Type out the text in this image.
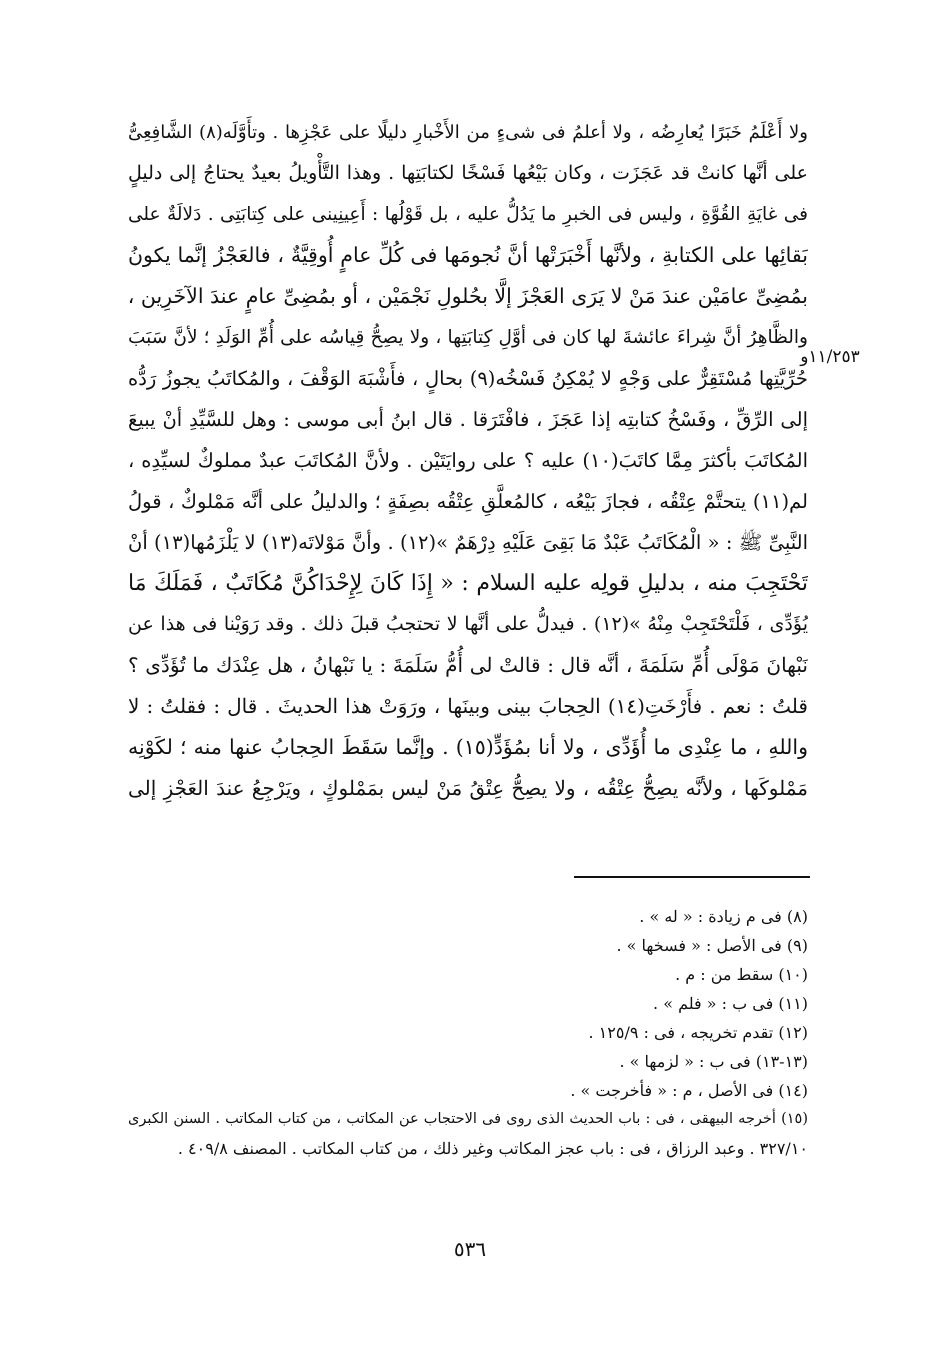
١١/٢٥٣و
ولا أَعْلَمُ خَبَرًا يُعارِضُه ، ولا أعلمُ فى شىءٍ من الأَخْبارِ دليلًا على عَجْزِها . وتأَوَّلَه(٨) الشَّافِعِىُّ
على أنَّها كانتْ قد عَجَزَت ، وكان بَيْعُها فَسْخًا لكتابَتِها . وهذا التَّأْويلُ بعيدٌ يحتاجُ إلى دليلٍ
فى غايَةِ القُوَّةِ ، وليس فى الخبرِ ما يَدُلُّ عليه ، بل قَوْلُها : أَعِينِينى على كِتابَتِى . دَلالَةٌ على
بَقائِها على الكتابةِ ، ولأنَّها أَخْبَرَتْها أنَّ نُجومَها فى كُلِّ عامٍ أُوقِيَّةٌ ، فالعَجْزُ إنَّما يكونُ
بمُضِىِّ عامَيْن عندَ مَنْ لا يَرَى العَجْزَ إلَّا بحُلولِ نَجْمَيْن ، أو بمُضِىِّ عامٍ عندَ الآخَرِين ،
والظَّاهِرُ أنَّ شِراءَ عائشةَ لها كان فى أوَّلِ كِتابَتِها ، ولا يصِحُّ قِياسُه على أُمِّ الوَلَدِ ؛ لأنَّ سَبَبَ
حُرِّيَّتِها مُسْتَقِرٌّ على وَجْهٍ لا يُمْكِنُ فَسْخُه(٩) بحالٍ ، فأَشْبَهَ الوَقْفَ ، والمُكاتَبُ يجوزُ رَدُّه
إلى الرِّقِّ ، وفَسْخُ كتابتِه إذا عَجَزَ ، فافْتَرَقا . قال ابنُ أبى موسى : وهل للسَّيِّدِ أنْ يبيعَ
المُكاتَبَ بأكثرَ مِمَّا كاتَبَ(١٠) عليه ؟ على روايَتَيْن . ولأنَّ المُكاتَبَ عبدٌ مملوكٌ لسيِّدِه ،
لم(١١) يتحتَّمْ عِتْقُه ، فجازَ بَيْعُه ، كالمُعلَّقِ عِتْقُه بصِفَةٍ ؛ والدليلُ على أنَّه مَمْلوكٌ ، قولُ
النَّبِىِّ ﷺ : « الْمُكَاتَبُ عَبْدٌ مَا بَقِىَ عَلَيْهِ دِرْهَمٌ »(١٢) . وأنَّ مَوْلاتَه(١٣) لا يَلْزَمُها(١٣) أنْ
تَحْتَجِبَ منه ، بدليلِ قولِه عليه السلام : « إِذَا كَانَ لِإِحْدَاكُنَّ مُكَاتَبٌ ، فَمَلَكَ مَا
يُؤَدِّى ، فَلْتَحْتَجِبْ مِنْهُ »(١٢) . فيدلُّ على أنَّها لا تحتجبُ قبلَ ذلك . وقد رَوَيْنا فى هذا عن
نَبْهانَ مَوْلَى أُمِّ سَلَمَةَ ، أنَّه قال : قالتْ لى أُمُّ سَلَمَةَ : يا نَبْهانُ ، هل عِنْدَك ما تُؤَدِّى ؟
قلتُ : نعم . فأَرْخَتِ(١٤) الحِجابَ بينى وبينَها ، ورَوَتْ هذا الحديثَ . قال : فقلتُ : لا
واللهِ ، ما عِنْدِى ما أُؤَدِّى ، ولا أنا بمُؤَدٍّ(١٥) . وإنَّما سَقَطَ الحِجابُ عنها منه ؛ لكَوْنِه
مَمْلوكَها ، ولأنَّه يصِحُّ عِتْقُه ، ولا يصِحُّ عِتْقُ مَنْ ليس بمَمْلوكٍ ، ويَرْجِعُ عندَ العَجْزِ إلى
(٨) فى م زيادة : « له » .
(٩) فى الأصل : « فسخها » .
(١٠) سقط من : م .
(١١) فى ب : « فلم » .
(١٢) تقدم تخريجه ، فى : ١٢٥/٩ .
(١٣-١٣) فى ب : « لزمها » .
(١٤) فى الأصل ، م : « فأخرجت » .
(١٥) أخرجه البيهقى ، فى : باب الحديث الذى روى فى الاحتجاب عن المكاتب ، من كتاب المكاتب . السنن الكبرى
٣٢٧/١٠ . وعبد الرزاق ، فى : باب عجز المكاتب وغير ذلك ، من كتاب المكاتب . المصنف ٤٠٩/٨ .
٥٣٦
